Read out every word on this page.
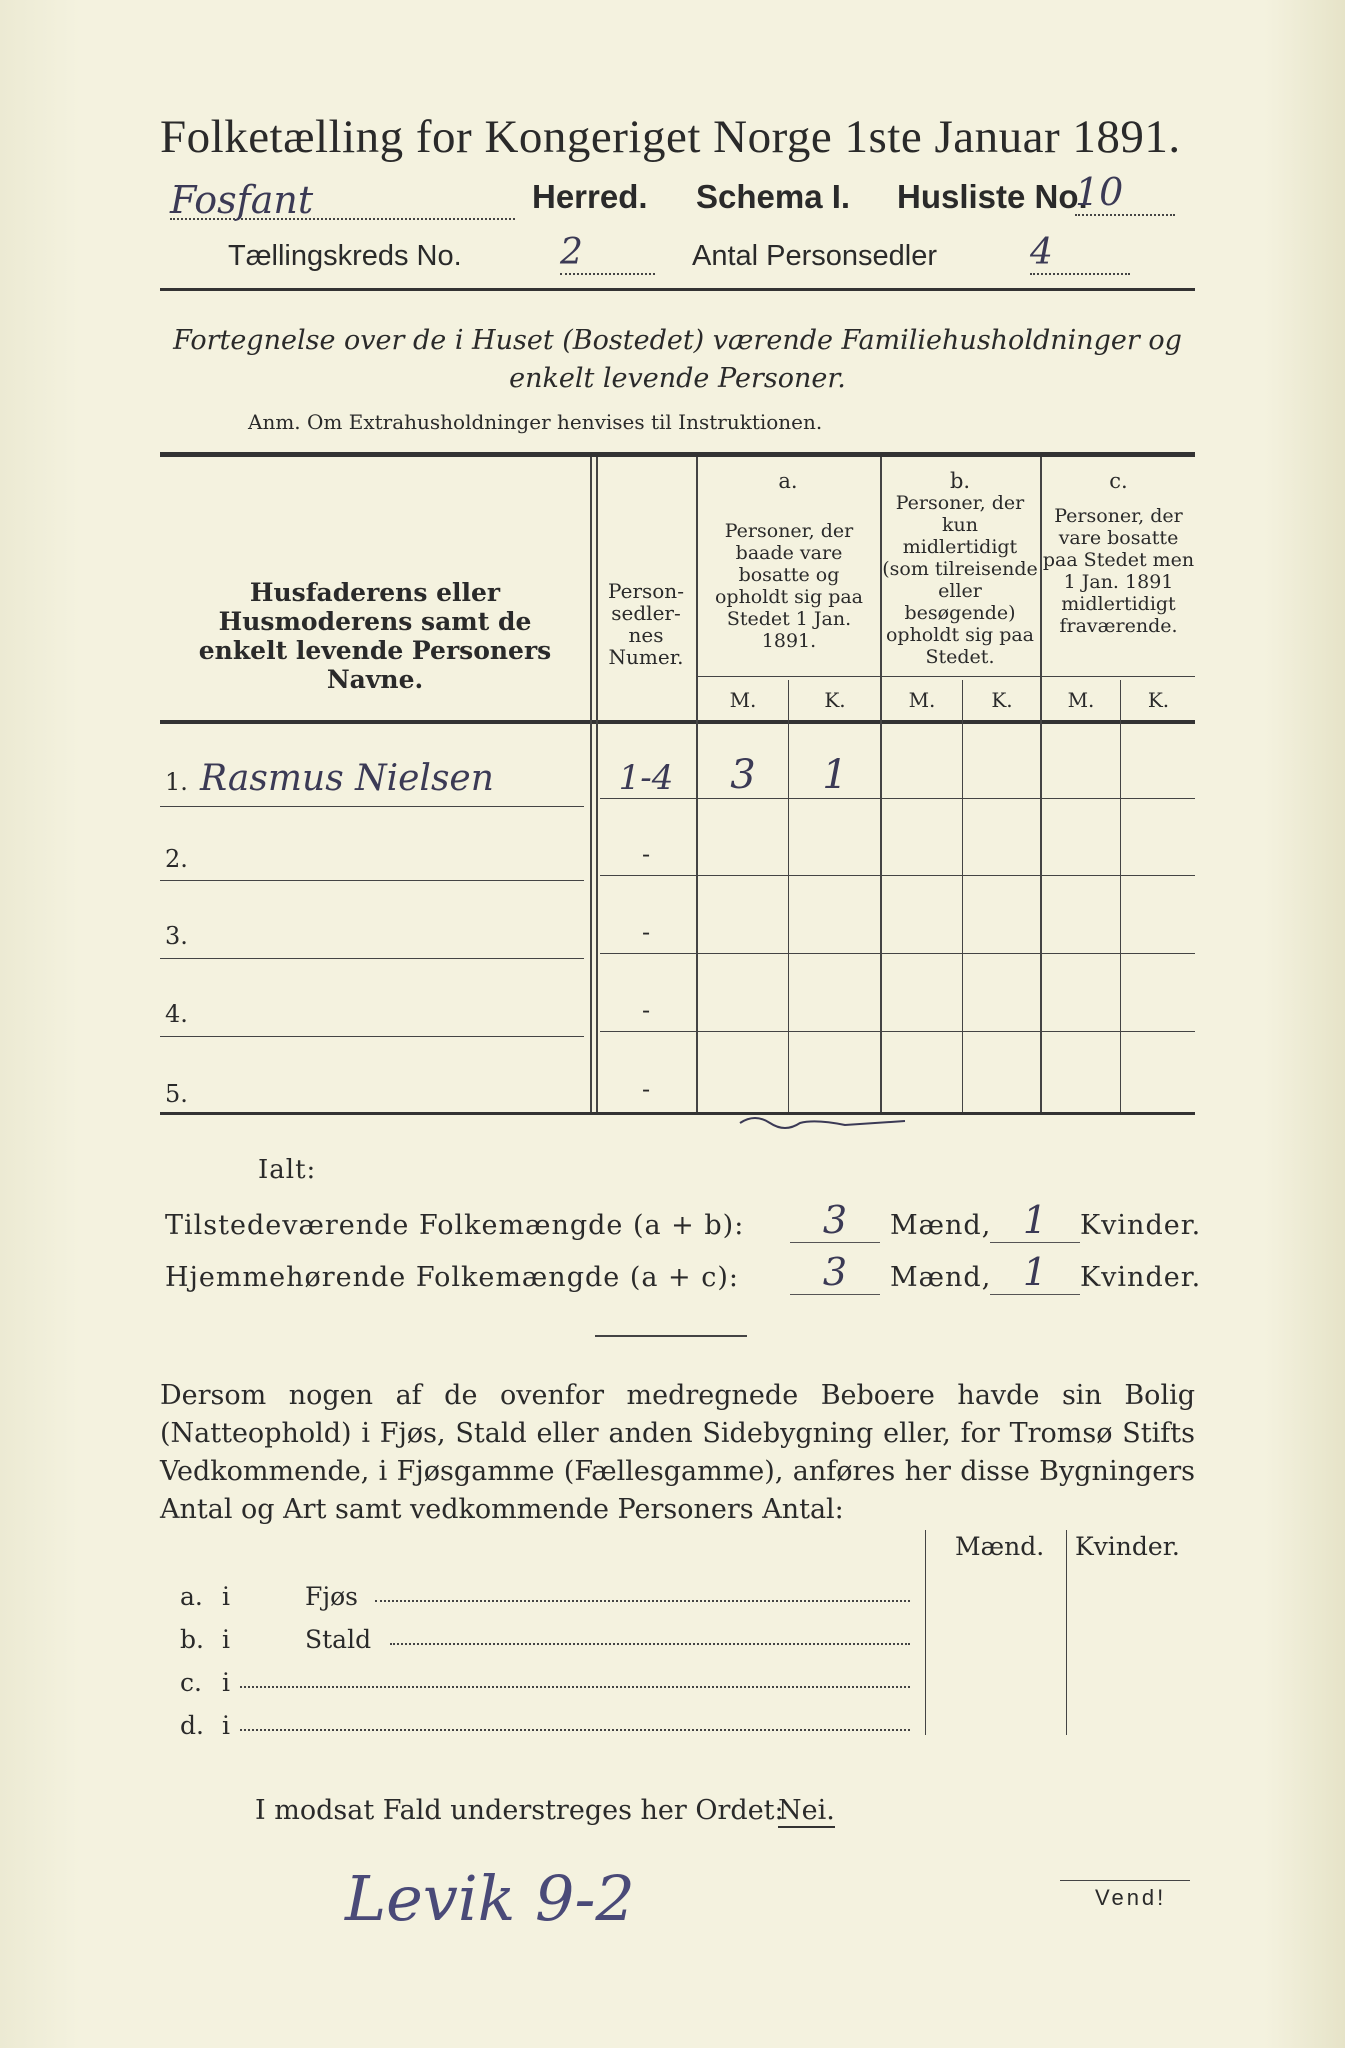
Folketælling for Kongeriget Norge 1ste Januar 1891.
Fosfant	Herred. Schema I. Husliste No.
10
Tællingskreds No.	2	Antal Personsedler	4
Fortegnelse over de i Huset (Bostedet) værende Familiehusholdninger og enkelt levende Personer.
Anm. Om Extrahusholdninger henvises til Instruktionen.
Husfaderens eller Husmoderens samt de enkelt levende Personers Navne.
Person-sedler-nes Numer.
a.
Personer, der baade vare bosatte og opholdt sig paa Stedet 1 Jan. 1891.
b.
Personer, der kun midlertidigt (som tilreisende eller besøgende) opholdt sig paa Stedet.
c.
Personer, der vare bosatte paa Stedet men 1 Jan. 1891 midlertidigt fraværende.
M.	K.	M.	K.	M.	K.
1. Rasmus Nielsen	1-4	3	1
2.	-
3.	-
4.	-
5.	-
Ialt:
Tilstedeværende Folkemængde (a + b):	3	Mænd, 1	Kvinder.
Hjemmehørende Folkemængde (a + c):	3	Mænd, 1	Kvinder.
Dersom nogen af de ovenfor medregnede Beboere havde sin Bolig (Natteophold) i Fjøs, Stald eller anden Sidebygning eller, for Tromsø Stifts Vedkommende, i Fjøsgamme (Fællesgamme), anføres her disse Bygningers Antal og Art samt vedkommende Personers Antal:
Mænd. Kvinder.
a. i	Fjøs
b. i	Stald
c. i
d. i
I modsat Fald understreges her Ordet:
Nei.
Levik 9-2	Vend!
